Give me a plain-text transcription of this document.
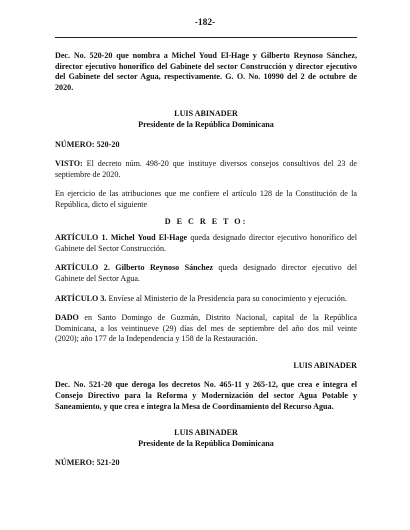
-182-

Dec. No. 520-20 que nombra a Michel Youd El-Hage y Gilberto Reynoso Sánchez, director ejecutivo honorífico del Gabinete del sector Construcción y director ejecutivo del Gabinete del sector Agua, respectivamente. G. O. No. 10990 del 2 de octubre de 2020.

LUIS ABINADER

Presidente de la República Dominicana

NÚMERO: 520-20

VISTO: El decreto núm. 498-20 que instituye diversos consejos consultivos del 23 de septiembre de 2020.

En ejercicio de las atribuciones que me confiere el artículo 128 de la Constitución de la República, dicto el siguiente

D E C R E T O:

ARTÍCULO 1. Michel Youd El-Hage queda designado director ejecutivo honorífico del Gabinete del Sector Construcción.

ARTÍCULO 2. Gilberto Reynoso Sánchez queda designado director ejecutivo del Gabinete del Sector Agua.

ARTÍCULO 3. Envíese al Ministerio de la Presidencia para su conocimiento y ejecución.

DADO en Santo Domingo de Guzmán, Distrito Nacional, capital de la República Dominicana, a los veintinueve (29) días del mes de septiembre del año dos mil veinte (2020); año 177 de la Independencia y 158 de la Restauración.

LUIS ABINADER

Dec. No. 521-20 que deroga los decretos No. 465-11 y 265-12, que crea e integra el Consejo Directivo para la Reforma y Modernización del sector Agua Potable y Saneamiento, y que crea e integra la Mesa de Coordinamiento del Recurso Agua.

LUIS ABINADER

Presidente de la República Dominicana

NÚMERO: 521-20
